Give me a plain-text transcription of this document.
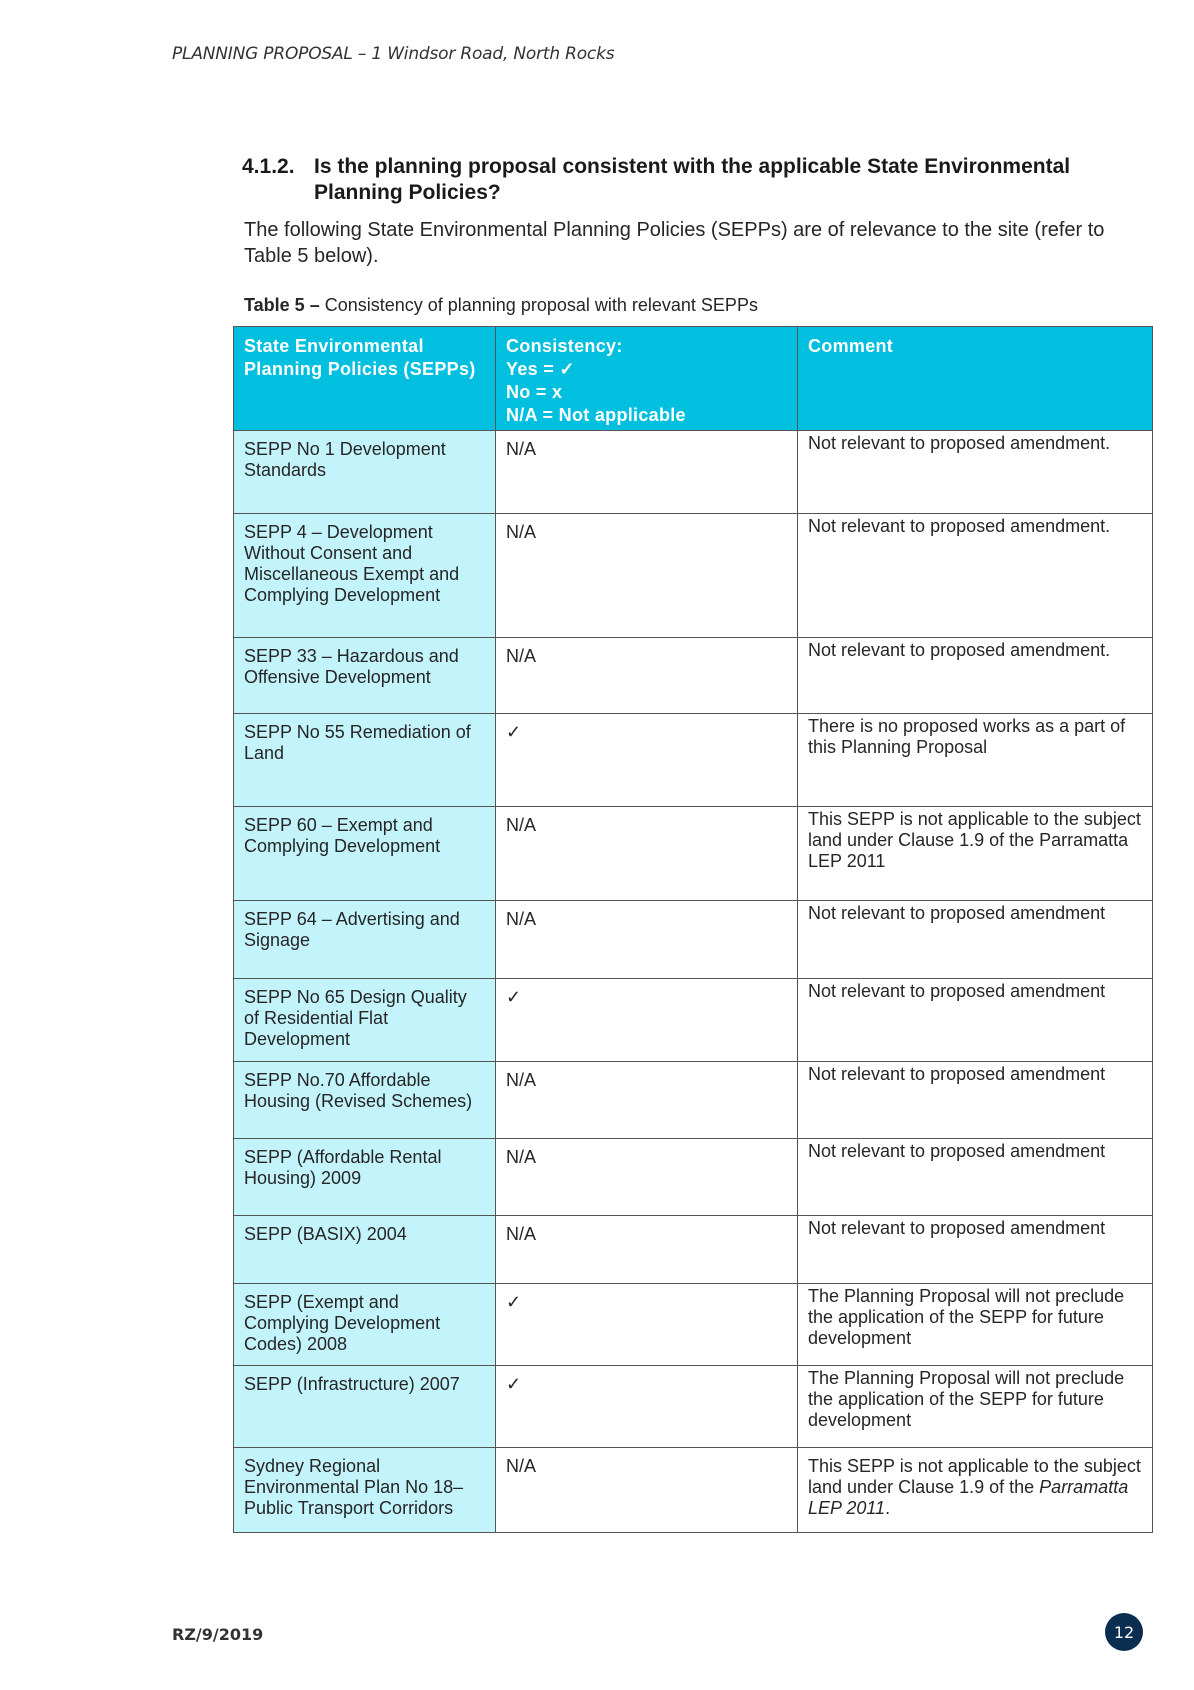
PLANNING PROPOSAL – 1 Windsor Road, North Rocks
4.1.2. Is the planning proposal consistent with the applicable State Environmental Planning Policies?

The following State Environmental Planning Policies (SEPPs) are of relevance to the site (refer to Table 5 below).

Table 5 – Consistency of planning proposal with relevant SEPPs
State Environmental Planning Policies (SEPPs)	Consistency:
Yes = ✓
No = x
N/A = Not applicable	Comment
SEPP No 1 Development Standards	N/A	Not relevant to proposed amendment.
SEPP 4 – Development Without Consent and Miscellaneous Exempt and Complying Development	N/A	Not relevant to proposed amendment.
SEPP 33 – Hazardous and Offensive Development	N/A	Not relevant to proposed amendment.
SEPP No 55 Remediation of Land	✓	There is no proposed works as a part of this Planning Proposal
SEPP 60 – Exempt and Complying Development	N/A	This SEPP is not applicable to the subject land under Clause 1.9 of the Parramatta LEP 2011
SEPP 64 – Advertising and Signage	N/A	Not relevant to proposed amendment
SEPP No 65 Design Quality of Residential Flat Development	✓	Not relevant to proposed amendment
SEPP No.70 Affordable Housing (Revised Schemes)	N/A	Not relevant to proposed amendment
SEPP (Affordable Rental Housing) 2009	N/A	Not relevant to proposed amendment
SEPP (BASIX) 2004	N/A	Not relevant to proposed amendment
SEPP (Exempt and Complying Development Codes) 2008	✓	The Planning Proposal will not preclude the application of the SEPP for future development
SEPP (Infrastructure) 2007	✓	The Planning Proposal will not preclude the application of the SEPP for future development
Sydney Regional Environmental Plan No 18– Public Transport Corridors	N/A	This SEPP is not applicable to the subject land under Clause 1.9 of the Parramatta LEP 2011.
RZ/9/2019	12
